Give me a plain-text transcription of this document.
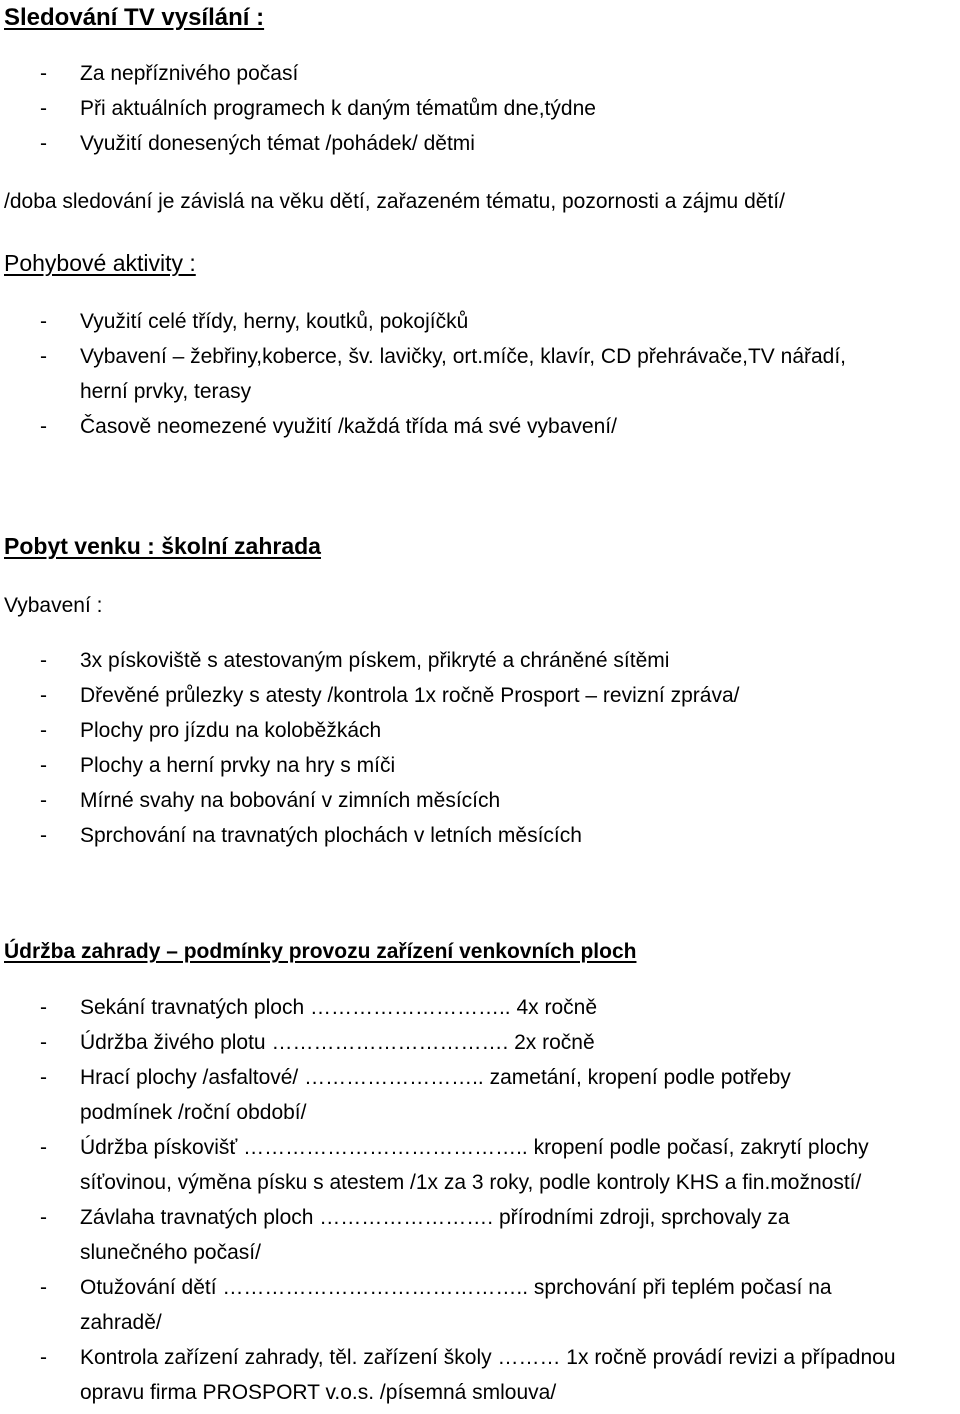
Sledování TV vysílání :
- Za nepříznivého počasí
- Při aktuálních programech k daným tématům dne,týdne
- Využití donesených témat /pohádek/ dětmi

/doba sledování je závislá na věku dětí, zařazeném tématu, pozornosti a zájmu dětí/

Pohybové aktivity :
- Využití celé třídy, herny, koutků, pokojíčků
- Vybavení – žebřiny,koberce, šv. lavičky, ort.míče, klavír, CD přehrávače,TV nářadí,
herní prvky, terasy
- Časově neomezené využití /každá třída má své vybavení/
Pobyt venku : školní zahrada

Vybavení :

- 3x pískoviště s atestovaným pískem, přikryté a chráněné sítěmi
- Dřevěné průlezky s atesty /kontrola 1x ročně Prosport – revizní zpráva/
- Plochy pro jízdu na koloběžkách
- Plochy a herní prvky na hry s míči
- Mírné svahy na bobování v zimních měsících
- Sprchování na travnatých plochách v letních měsících
Údržba zahrady – podmínky provozu zařízení venkovních ploch
- Sekání travnatých ploch ……………………….. 4x ročně
- Údržba živého plotu ……………………………. 2x ročně
- Hrací plochy /asfaltové/ …………………….. zametání, kropení podle potřeby
podmínek /roční období/
- Údržba pískovišť ………………………………….. kropení podle počasí, zakrytí plochy
síťovinou, výměna písku s atestem /1x za 3 roky, podle kontroly KHS a fin.možností/
- Závlaha travnatých ploch ……………………. přírodními zdroji, sprchovaly za
slunečného počasí/
- Otužování dětí …………………………………….. sprchování při teplém počasí na
zahradě/
- Kontrola zařízení zahrady, těl. zařízení školy ……… 1x ročně provádí revizi a případnou
opravu firma PROSPORT v.o.s. /písemná smlouva/
